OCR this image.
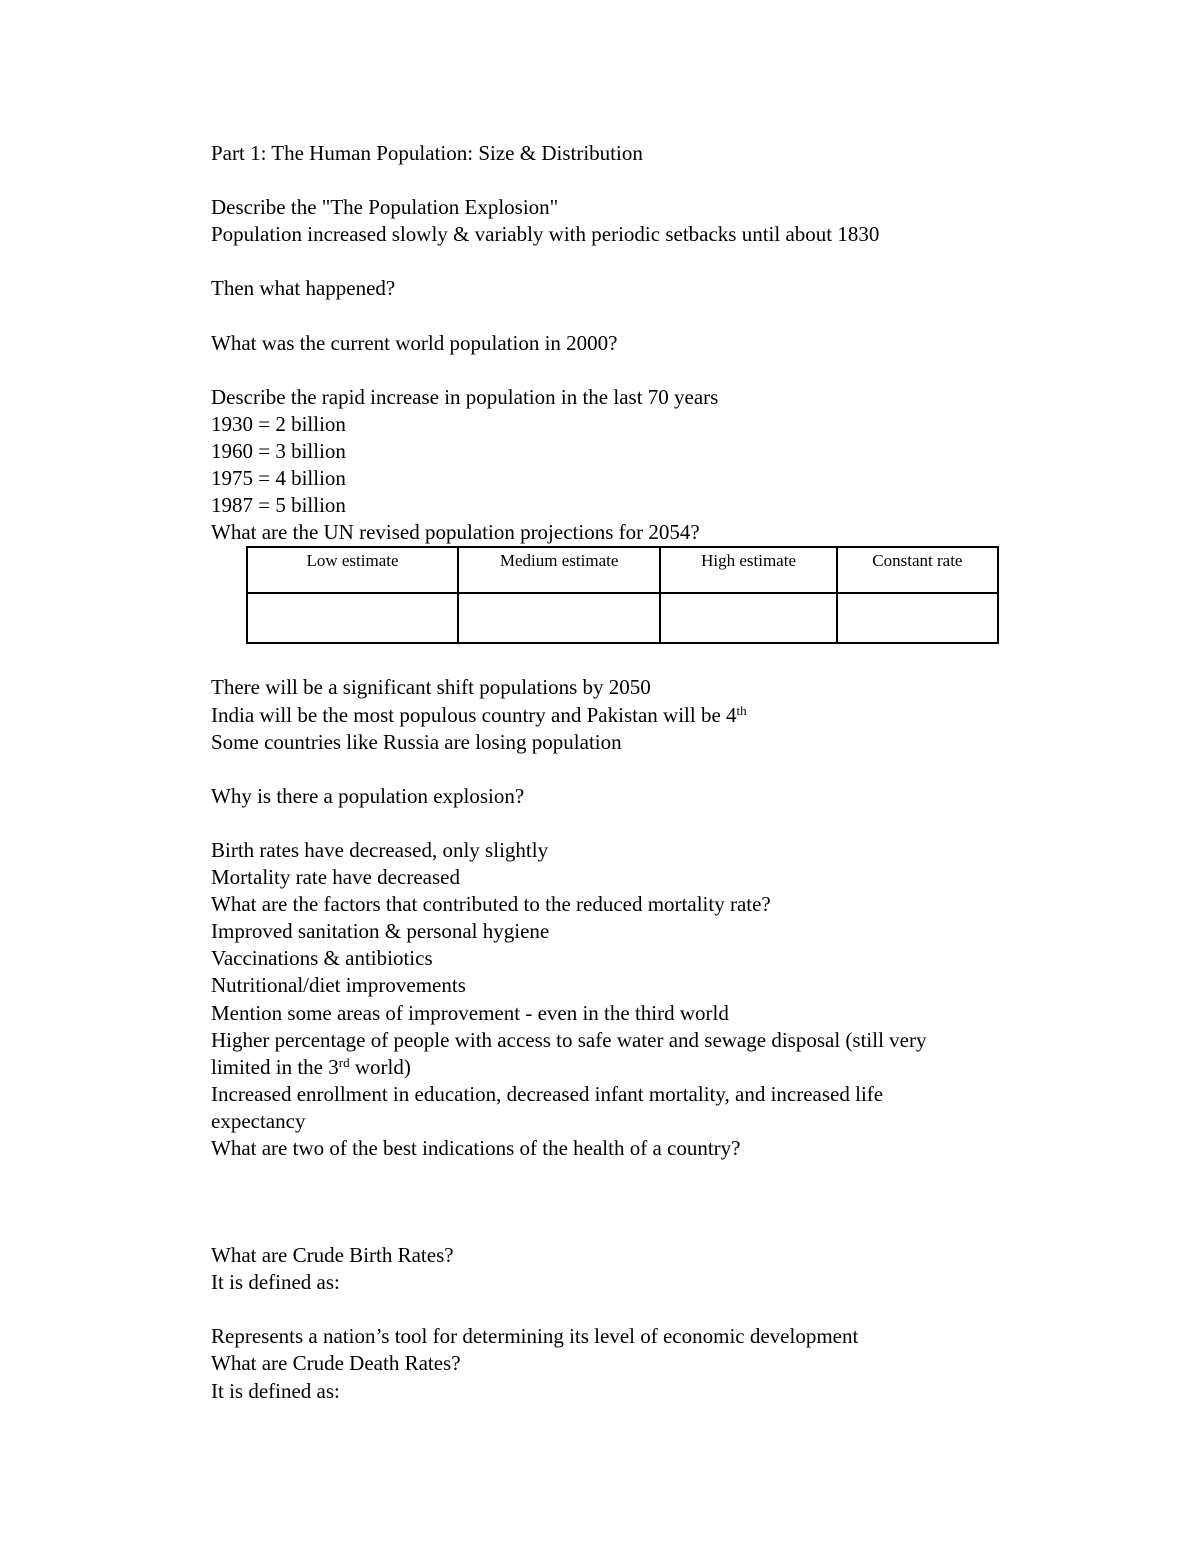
Part 1: The Human Population: Size & Distribution
Describe the "The Population Explosion"
Population increased slowly & variably with periodic setbacks until about 1830
Then what happened?
What was the current world population in 2000?
Describe the rapid increase in population in the last 70 years
1930 = 2 billion
1960 = 3 billion
1975 = 4 billion
1987 = 5 billion
What are the UN revised population projections for 2054?
Low estimate	Medium estimate	High estimate	Constant rate

There will be a significant shift populations by 2050
India will be the most populous country and Pakistan will be 4th
Some countries like Russia are losing population
Why is there a population explosion?
Birth rates have decreased, only slightly
Mortality rate have decreased
What are the factors that contributed to the reduced mortality rate?
Improved sanitation & personal hygiene
Vaccinations & antibiotics
Nutritional/diet improvements
Mention some areas of improvement - even in the third world
Higher percentage of people with access to safe water and sewage disposal (still very
limited in the 3rd world)
Increased enrollment in education, decreased infant mortality, and increased life
expectancy
What are two of the best indications of the health of a country?
What are Crude Birth Rates?
It is defined as:
Represents a nation’s tool for determining its level of economic development
What are Crude Death Rates?
It is defined as:
